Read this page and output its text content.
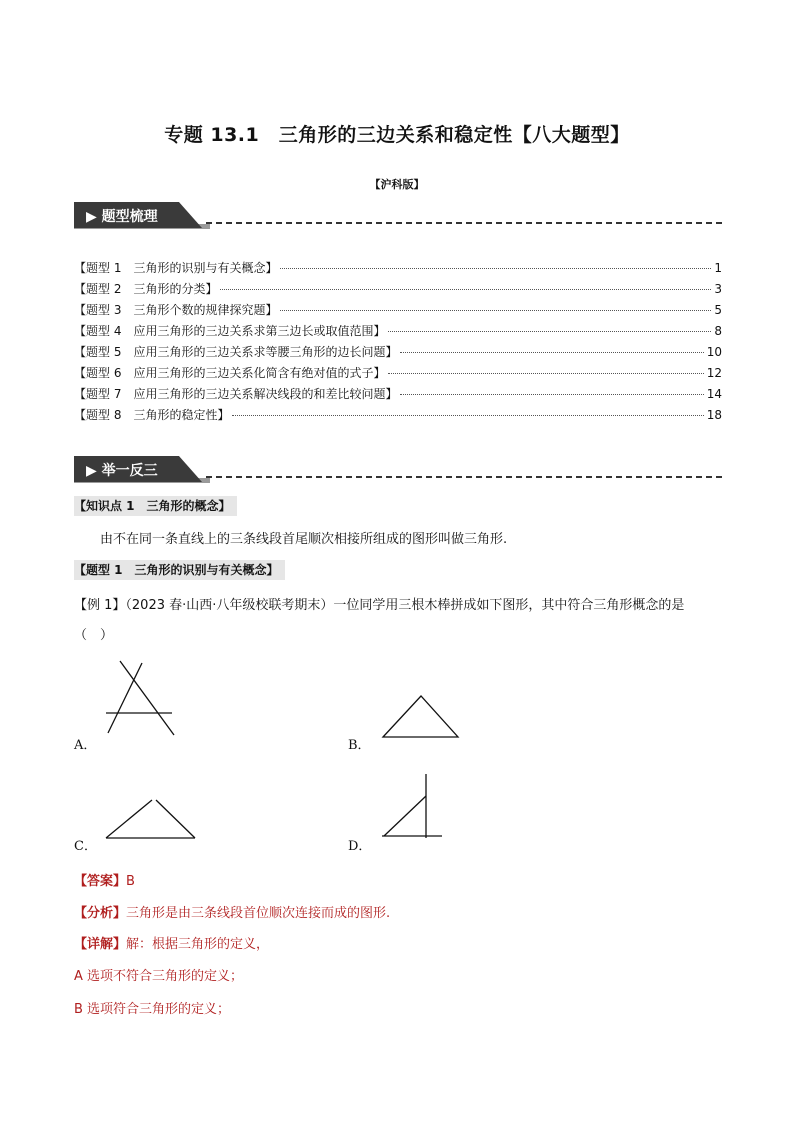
专题 13.1　三角形的三边关系和稳定性【八大题型】
【沪科版】
▶ 题型梳理
【题型 1　三角形的识别与有关概念】	1
【题型 2　三角形的分类】	3
【题型 3　三角形个数的规律探究题】	5
【题型 4　应用三角形的三边关系求第三边长或取值范围】	8
【题型 5　应用三角形的三边关系求等腰三角形的边长问题】	10
【题型 6　应用三角形的三边关系化简含有绝对值的式子】	12
【题型 7　应用三角形的三边关系解决线段的和差比较问题】	14
【题型 8　三角形的稳定性】	18
▶ 举一反三
【知识点 1　三角形的概念】
由不在同一条直线上的三条线段首尾顺次相接所组成的图形叫做三角形.
【题型 1　三角形的识别与有关概念】
【例 1】（2023 春·山西·八年级校联考期末）一位同学用三根木棒拼成如下图形，其中符合三角形概念的是
（　）
A．	B．
C．	D．
【答案】B
【分析】三角形是由三条线段首位顺次连接而成的图形.
【详解】解：根据三角形的定义，
A 选项不符合三角形的定义；
B 选项符合三角形的定义；
